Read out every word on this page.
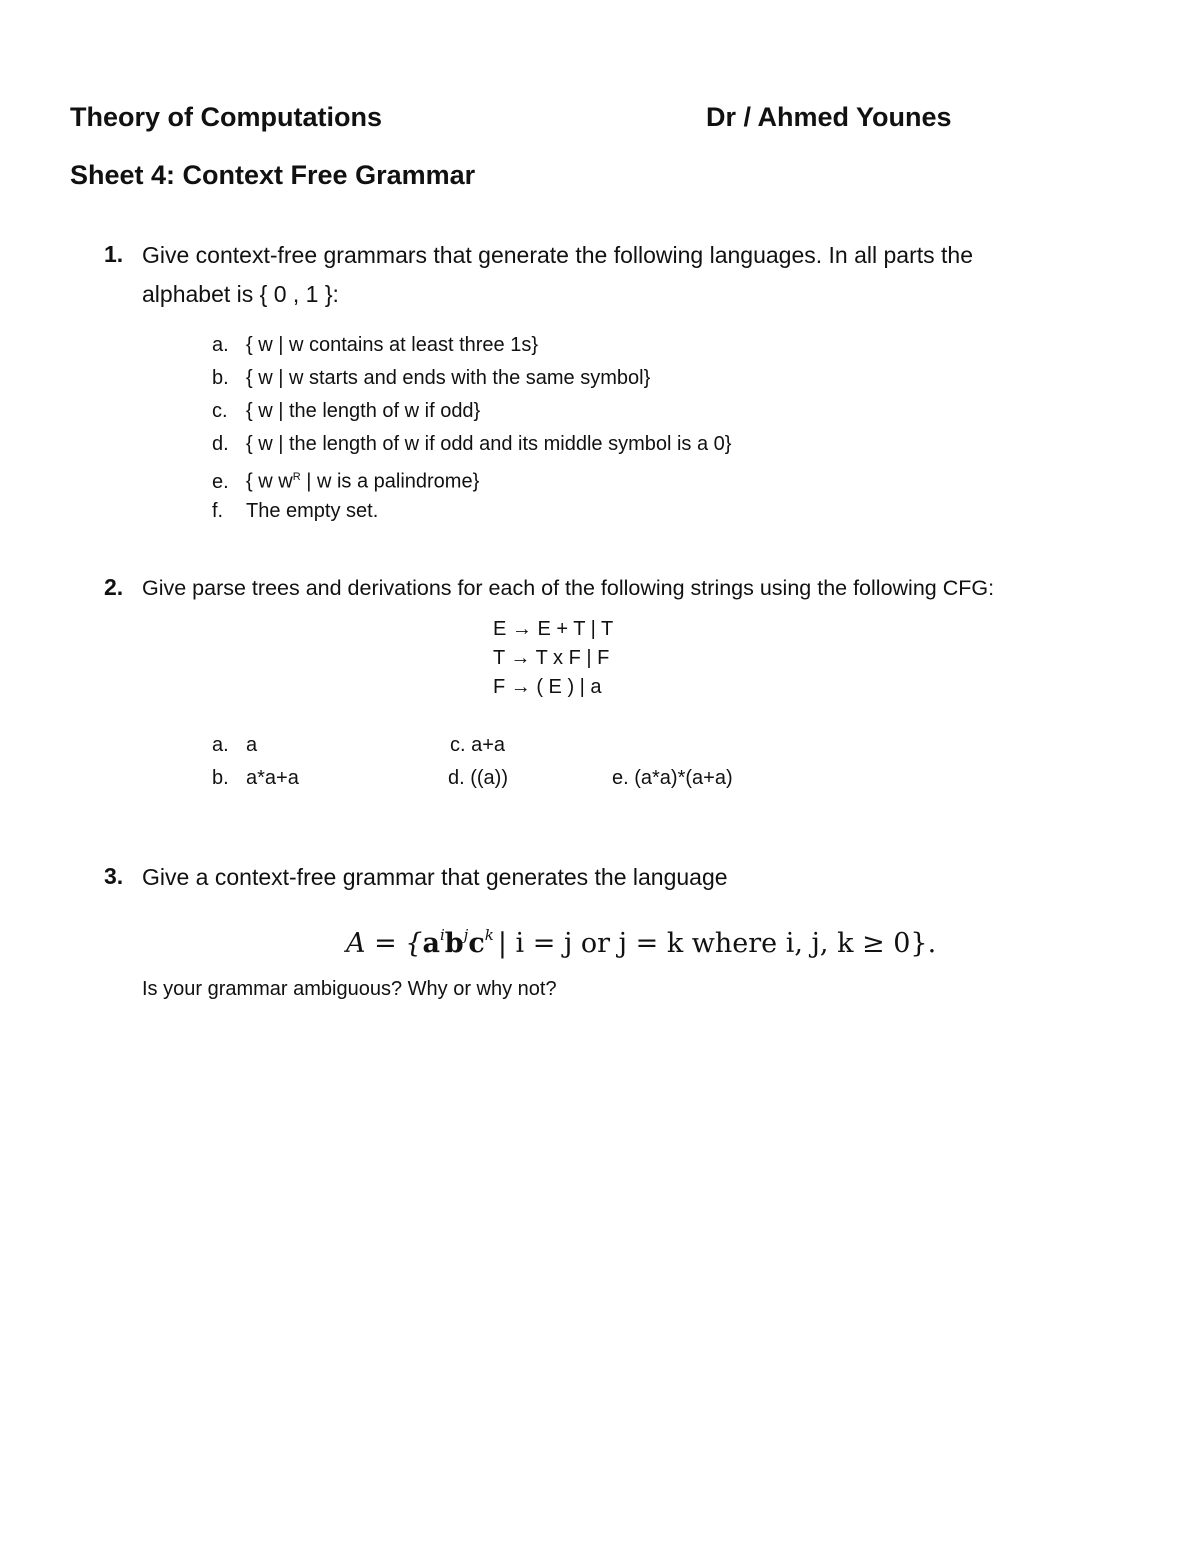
Theory of Computations	Dr / Ahmed Younes
Sheet 4: Context Free Grammar
1. Give context-free grammars that generate the following languages. In all parts the
alphabet is { 0 , 1 }:
a. { w | w contains at least three 1s}
b. { w | w starts and ends with the same symbol}
c. { w | the length of w if odd}
d. { w | the length of w if odd and its middle symbol is a 0}
e. { w $w^R$ | w is a palindrome}
f. The empty set.
2. Give parse trees and derivations for each of the following strings using the following CFG:
E → E + T | T
T → T x F | F
F → ( E ) | a
a. a
b. a*a+a
c. a+a
d. ((a))	e. (a*a)*(a+a)
3. Give a context-free grammar that generates the language
$A = \{a^ib^jc^k$ | i = j or j = k where i, j, k ≥ 0}.
Is your grammar ambiguous? Why or why not?
